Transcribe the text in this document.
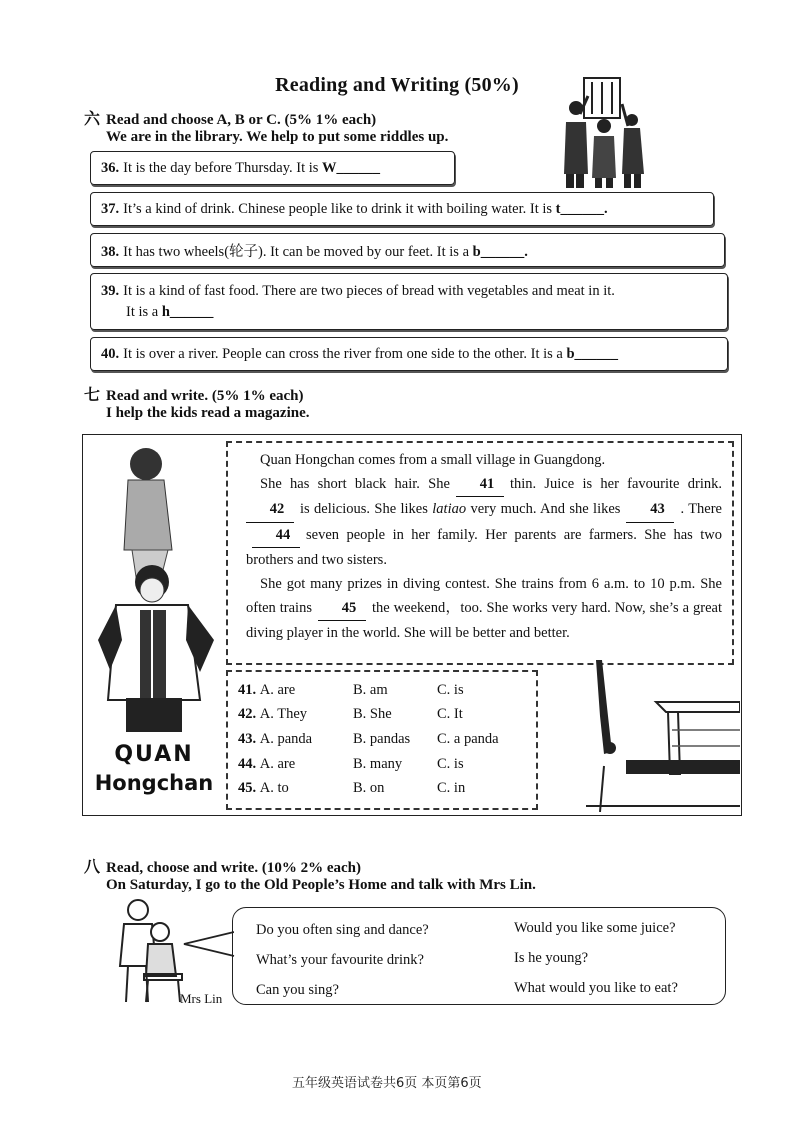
Reading and Writing (50%)
六 Read and choose A, B or C. (5% 1% each)
We are in the library. We help to put some riddles up.
36. It is the day before Thursday. It is W______
37. It’s a kind of drink. Chinese people like to drink it with boiling water. It is t______.
38. It has two wheels(轮子). It can be moved by our feet. It is a b______.
39. It is a kind of fast food. There are two pieces of bread with vegetables and meat in it.
It is a h______
40. It is over a river. People can cross the river from one side to the other. It is a b______
七 Read and write. (5% 1% each)
I help the kids read a magazine.
QUAN
Hongchan

Quan Hongchan comes from a small village in Guangdong.

She has short black hair. She 41 thin. Juice is her favourite drink. 42 is delicious. She likes latiao very much. And she likes 43 . There44 seven people in her family. Her parents are farmers. She has two brothers and two sisters.

She got many prizes in diving contest. She trains from 6 a.m. to 10 p.m. She often trains 45 the weekend，too. She works very hard. Now, she’s a great diving player in the world. She will be better and better.

41. A. are	B. am	C. is
42. A. They	B. She	C. It
43. A. panda	B. pandas	C. a panda
44. A. are	B. many	C. is
45. A. to	B. on	C. in
八 Read, choose and write. (10% 2% each)
On Saturday, I go to the Old People’s Home and talk with Mrs Lin.
Mrs Lin
Do you often sing and dance?
What’s your favourite drink?
Can you sing?
Would you like some juice?
Is he young?
What would you like to eat?
五年级英语试卷共6页 本页第6页
